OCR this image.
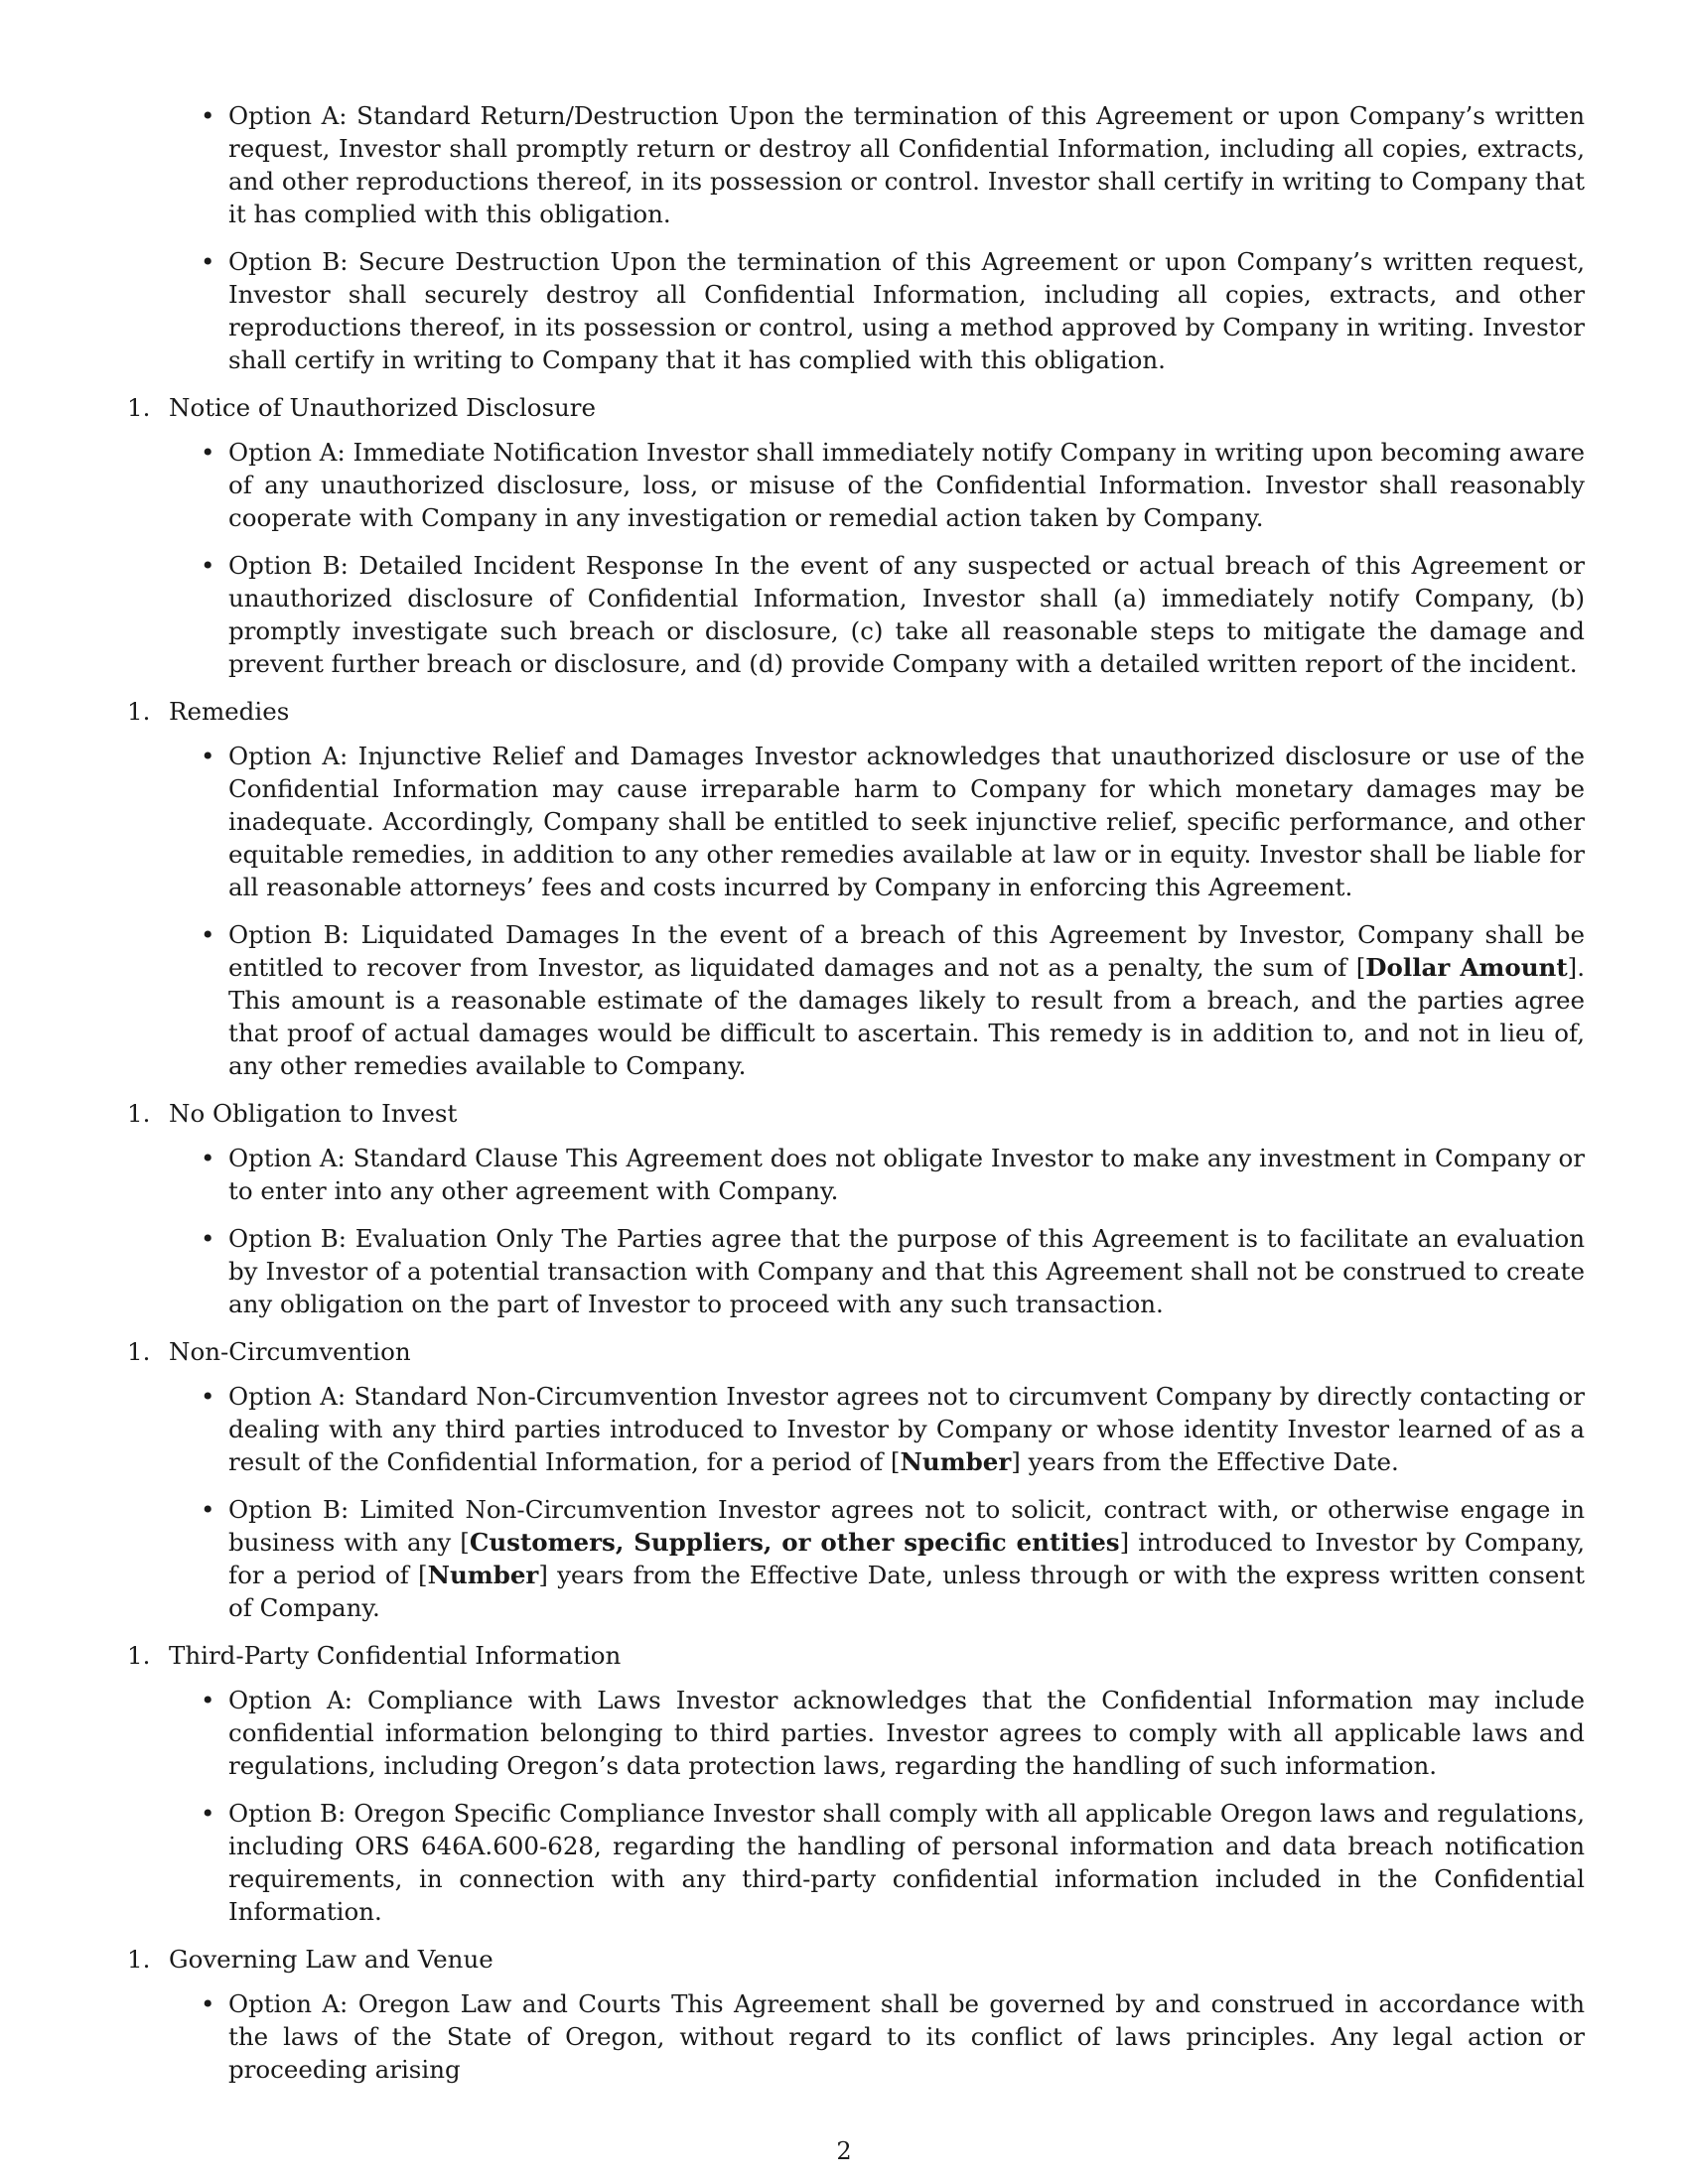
• Option A: Standard Return/Destruction Upon the termination of this Agreement or upon Company’s written request, Investor shall promptly return or destroy all Confidential Information, including all copies, extracts, and other reproductions thereof, in its possession or control. Investor shall certify in writing to Company that it has complied with this obligation.
• Option B: Secure Destruction Upon the termination of this Agreement or upon Company’s written request, Investor shall securely destroy all Confidential Information, including all copies, extracts, and other reproductions thereof, in its possession or control, using a method approved by Company in writing. Investor shall certify in writing to Company that it has complied with this obligation.
1. Notice of Unauthorized Disclosure
• Option A: Immediate Notification Investor shall immediately notify Company in writing upon becoming aware of any unauthorized disclosure, loss, or misuse of the Confidential Information. Investor shall reasonably cooperate with Company in any investigation or remedial action taken by Company.
• Option B: Detailed Incident Response In the event of any suspected or actual breach of this Agreement or unauthorized disclosure of Confidential Information, Investor shall (a) immediately notify Company, (b) promptly investigate such breach or disclosure, (c) take all reasonable steps to mitigate the damage and prevent further breach or disclosure, and (d) provide Company with a detailed written report of the incident.
1. Remedies
• Option A: Injunctive Relief and Damages Investor acknowledges that unauthorized disclosure or use of the Confidential Information may cause irreparable harm to Company for which monetary damages may be inadequate. Accordingly, Company shall be entitled to seek injunctive relief, specific performance, and other equitable remedies, in addition to any other remedies available at law or in equity. Investor shall be liable for all reasonable attorneys’ fees and costs incurred by Company in enforcing this Agreement.
• Option B: Liquidated Damages In the event of a breach of this Agreement by Investor, Company shall be entitled to recover from Investor, as liquidated damages and not as a penalty, the sum of [Dollar Amount]. This amount is a reasonable estimate of the damages likely to result from a breach, and the parties agree that proof of actual damages would be difficult to ascertain. This remedy is in addition to, and not in lieu of, any other remedies available to Company.
1. No Obligation to Invest
• Option A: Standard Clause This Agreement does not obligate Investor to make any investment in Company or to enter into any other agreement with Company.
• Option B: Evaluation Only The Parties agree that the purpose of this Agreement is to facilitate an evaluation by Investor of a potential transaction with Company and that this Agreement shall not be construed to create any obligation on the part of Investor to proceed with any such transaction.
1. Non-Circumvention
• Option A: Standard Non-Circumvention Investor agrees not to circumvent Company by directly contacting or dealing with any third parties introduced to Investor by Company or whose identity Investor learned of as a result of the Confidential Information, for a period of [Number] years from the Effective Date.
• Option B: Limited Non-Circumvention Investor agrees not to solicit, contract with, or otherwise engage in business with any [Customers, Suppliers, or other specific entities] introduced to Investor by Company, for a period of [Number] years from the Effective Date, unless through or with the express written consent of Company.
1. Third-Party Confidential Information
• Option A: Compliance with Laws Investor acknowledges that the Confidential Information may include confidential information belonging to third parties. Investor agrees to comply with all applicable laws and regulations, including Oregon’s data protection laws, regarding the handling of such information.
• Option B: Oregon Specific Compliance Investor shall comply with all applicable Oregon laws and regulations, including ORS 646A.600-628, regarding the handling of personal information and data breach notification requirements, in connection with any third-party confidential information included in the Confidential Information.
1. Governing Law and Venue
• Option A: Oregon Law and Courts This Agreement shall be governed by and construed in accordance with the laws of the State of Oregon, without regard to its conflict of laws principles. Any legal action or proceeding arising
2
